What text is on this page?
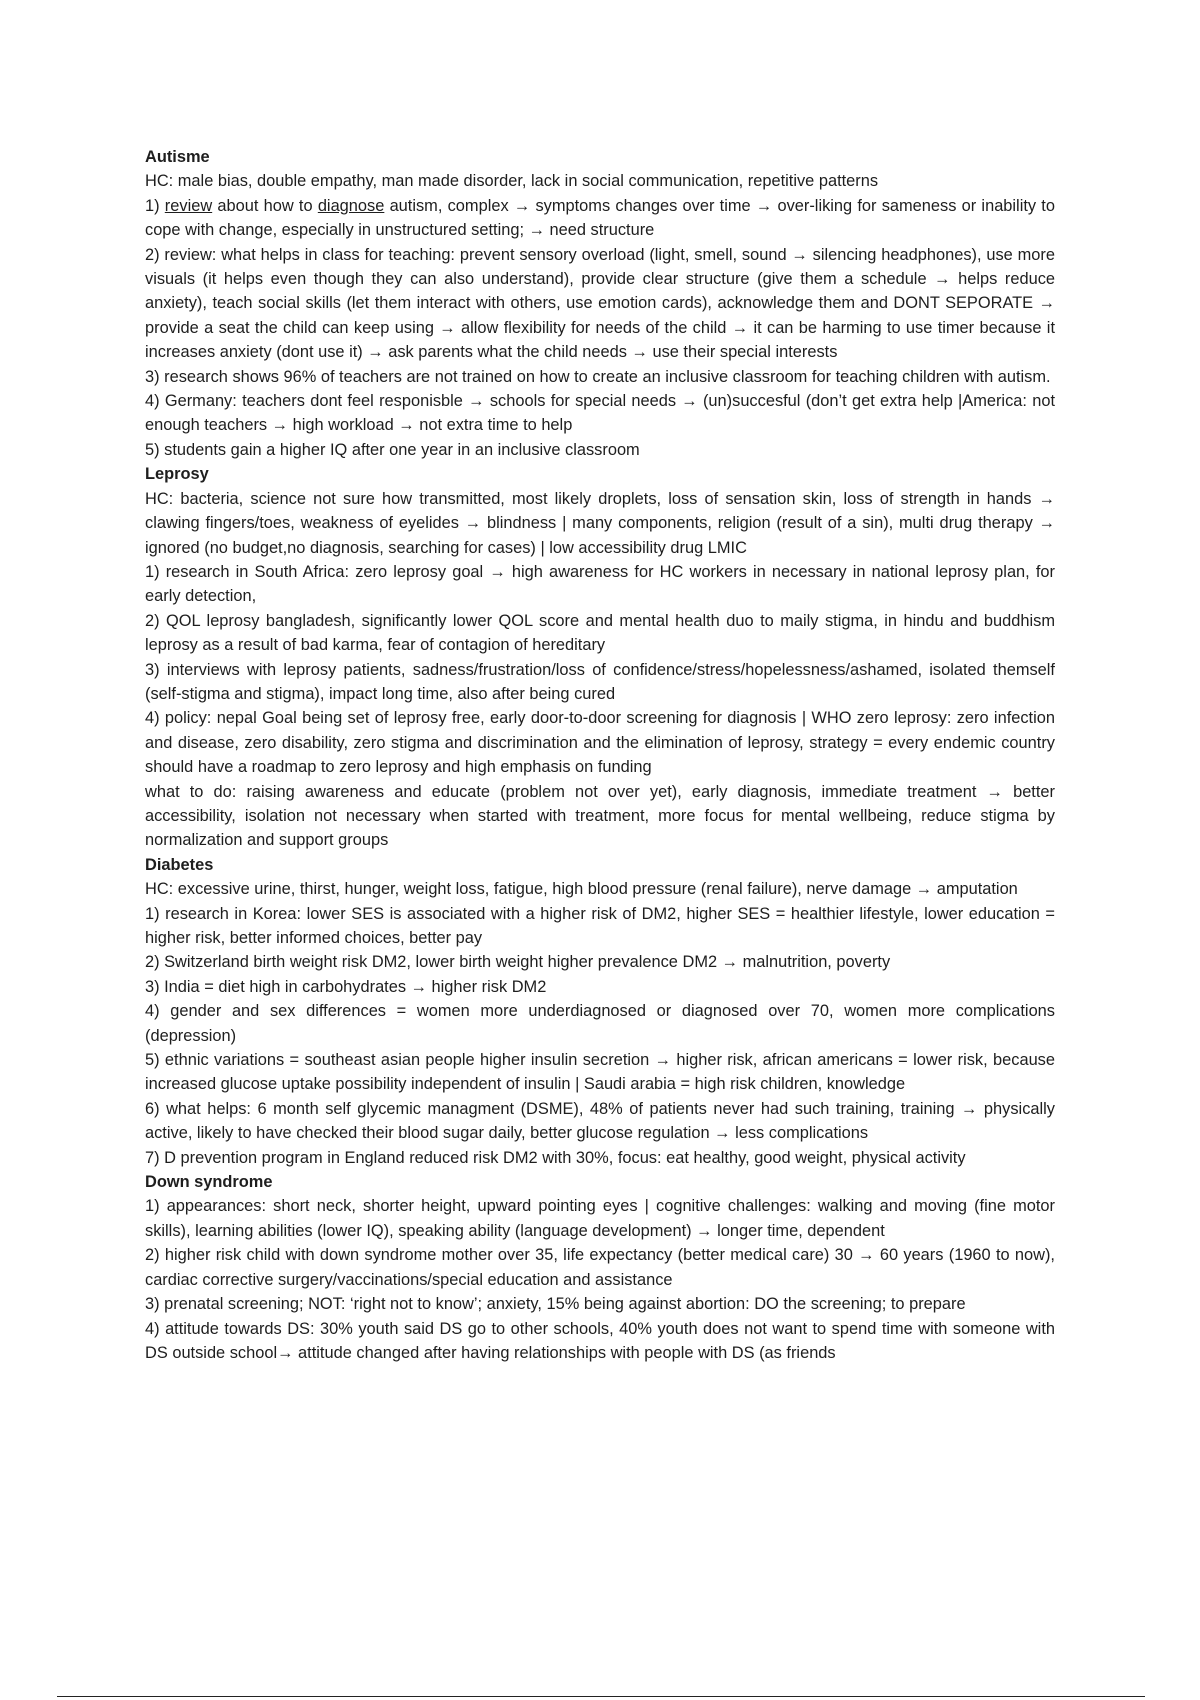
Autisme
HC: male bias, double empathy, man made disorder, lack in social communication, repetitive patterns
1) review about how to diagnose autism, complex → symptoms changes over time → over-liking for sameness or inability to cope with change, especially in unstructured setting; → need structure
2) review: what helps in class for teaching: prevent sensory overload (light, smell, sound → silencing headphones), use more visuals (it helps even though they can also understand), provide clear structure (give them a schedule → helps reduce anxiety), teach social skills (let them interact with others, use emotion cards), acknowledge them and DONT SEPORATE → provide a seat the child can keep using → allow flexibility for needs of the child → it can be harming to use timer because it increases anxiety (dont use it) → ask parents what the child needs → use their special interests
3) research shows 96% of teachers are not trained on how to create an inclusive classroom for teaching children with autism.
4) Germany: teachers dont feel responisble → schools for special needs → (un)succesful (don’t get extra help |America: not enough teachers → high workload → not extra time to help
5) students gain a higher IQ after one year in an inclusive classroom
Leprosy
HC: bacteria, science not sure how transmitted, most likely droplets, loss of sensation skin, loss of strength in hands → clawing fingers/toes, weakness of eyelides → blindness | many components, religion (result of a sin), multi drug therapy → ignored (no budget,no diagnosis, searching for cases) | low accessibility drug LMIC
1) research in South Africa: zero leprosy goal → high awareness for HC workers in necessary in national leprosy plan, for early detection,
2) QOL leprosy bangladesh, significantly lower QOL score and mental health duo to maily stigma, in hindu and buddhism leprosy as a result of bad karma, fear of contagion of hereditary
3) interviews with leprosy patients, sadness/frustration/loss of confidence/stress/hopelessness/ashamed, isolated themself (self-stigma and stigma), impact long time, also after being cured
4) policy: nepal Goal being set of leprosy free, early door-to-door screening for diagnosis | WHO zero leprosy: zero infection and disease, zero disability, zero stigma and discrimination and the elimination of leprosy, strategy = every endemic country should have a roadmap to zero leprosy and high emphasis on funding
what to do: raising awareness and educate (problem not over yet), early diagnosis, immediate treatment → better accessibility, isolation not necessary when started with treatment, more focus for mental wellbeing, reduce stigma by normalization and support groups
Diabetes
HC: excessive urine, thirst, hunger, weight loss, fatigue, high blood pressure (renal failure), nerve damage → amputation
1) research in Korea: lower SES is associated with a higher risk of DM2, higher SES = healthier lifestyle, lower education = higher risk, better informed choices, better pay
2) Switzerland birth weight risk DM2, lower birth weight higher prevalence DM2 → malnutrition, poverty
3) India = diet high in carbohydrates → higher risk DM2
4) gender and sex differences = women more underdiagnosed or diagnosed over 70, women more complications (depression)
5) ethnic variations = southeast asian people higher insulin secretion → higher risk, african americans = lower risk, because increased glucose uptake possibility independent of insulin | Saudi arabia = high risk children, knowledge
6) what helps: 6 month self glycemic managment (DSME), 48% of patients never had such training, training → physically active, likely to have checked their blood sugar daily, better glucose regulation → less complications
7) D prevention program in England reduced risk DM2 with 30%, focus: eat healthy, good weight, physical activity
Down syndrome
1) appearances: short neck, shorter height, upward pointing eyes | cognitive challenges: walking and moving (fine motor skills), learning abilities (lower IQ), speaking ability (language development) → longer time, dependent
2) higher risk child with down syndrome mother over 35, life expectancy (better medical care) 30 → 60 years (1960 to now), cardiac corrective surgery/vaccinations/special education and assistance
3) prenatal screening; NOT: ‘right not to know’; anxiety, 15% being against abortion: DO the screening; to prepare
4) attitude towards DS: 30% youth said DS go to other schools, 40% youth does not want to spend time with someone with DS outside school→ attitude changed after having relationships with people with DS (as friends
